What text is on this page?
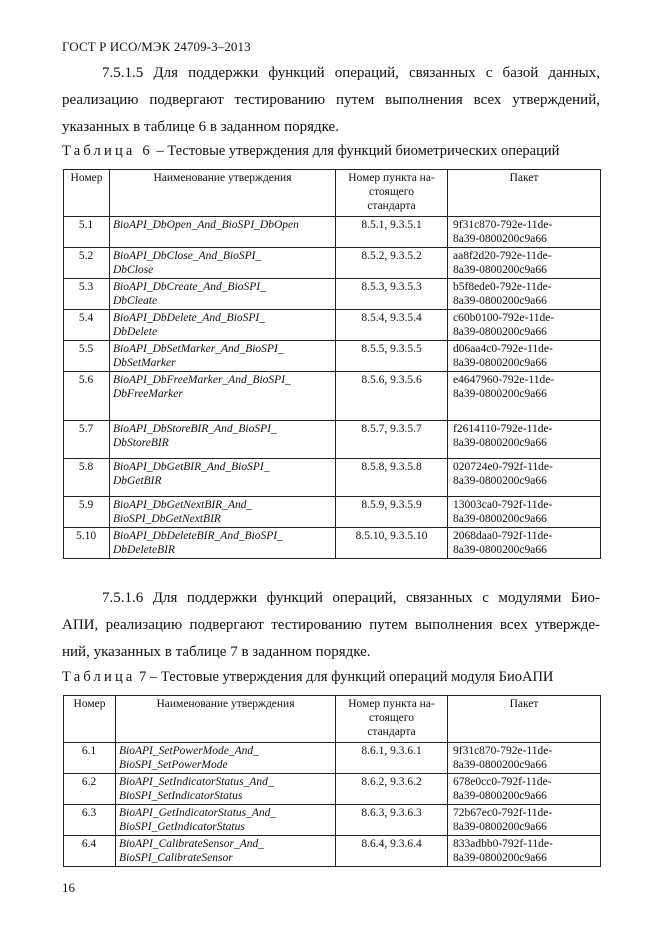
ГОСТ Р ИСО/МЭК 24709-3–2013
7.5.1.5 Для поддержки функций операций, связанных с базой данных,
реализацию подвергают тестированию путем выполнения всех утверждений,
указанных в таблице 6 в заданном порядке.
Таблица 6 – Тестовые утверждения для функций биометрических операций
Номер	Наименование утверждения	Номер пункта на-
стоящего
стандарта	Пакет
5.1	BioAPI_DbOpen_And_BioSPI_DbOpen	8.5.1, 9.3.5.1	9f31c870-792e-11de-
8a39-0800200c9a66

5.2	BioAPI_DbClose_And_BioSPI_
DbClose	8.5.2, 9.3.5.2	aa8f2d20-792e-11de-
8a39-0800200c9a66

5.3	BioAPI_DbCreate_And_BioSPI_
DbCleate	8.5.3, 9.3.5.3	b5f8ede0-792e-11de-
8a39-0800200c9a66

5.4	BioAPI_DbDelete_And_BioSPI_
DbDelete	8.5.4, 9.3.5.4	c60b0100-792e-11de-
8a39-0800200c9a66

5.5	BioAPI_DbSetMarker_And_BioSPI_
DbSetMarker	8.5.5, 9.3.5.5	d06aa4c0-792e-11de-
8a39-0800200c9a66

5.6	BioAPI_DbFreeMarker_And_BioSPI_
DbFreeMarker	8.5.6, 9.3.5.6	e4647960-792e-11de-
8a39-0800200c9a66

5.7	BioAPI_DbStoreBIR_And_BioSPI_
DbStoreBIR	8.5.7, 9.3.5.7	f2614110-792e-11de-
8a39-0800200c9a66

5.8	BioAPI_DbGetBIR_And_BioSPI_
DbGetBIR	8.5.8, 9.3.5.8	020724e0-792f-11de-
8a39-0800200c9a66

5.9	BioAPI_DbGetNextBIR_And_
BioSPI_DbGetNextBIR	8.5.9, 9.3.5.9	13003ca0-792f-11de-
8a39-0800200c9a66

5.10	BioAPI_DbDeleteBIR_And_BioSPI_
DbDeleteBIR	8.5.10, 9.3.5.10	2068daa0-792f-11de-
8a39-0800200c9a66
7.5.1.6 Для поддержки функций операций, связанных с модулями Био-
АПИ, реализацию подвергают тестированию путем выполнения всех утвержде-
ний, указанных в таблице 7 в заданном порядке.
Таблица 7 – Тестовые утверждения для функций операций модуля БиоАПИ
Номер	Наименование утверждения	Номер пункта на-
стоящего
стандарта	Пакет
6.1	BioAPI_SetPowerMode_And_
BioSPI_SetPowerMode	8.6.1, 9.3.6.1	9f31c870-792e-11de-
8a39-0800200c9a66

6.2	BioAPI_SetIndicatorStatus_And_
BioSPI_SetIndicatorStatus	8.6.2, 9.3.6.2	678e0cc0-792f-11de-
8a39-0800200c9a66

6.3	BioAPI_GetIndicatorStatus_And_
BioSPI_GetIndicatorStatus	8.6.3, 9.3.6.3	72b67ec0-792f-11de-
8a39-0800200c9a66

6.4	BioAPI_CalibrateSensor_And_
BioSPI_CalibrateSensor	8.6.4, 9.3.6.4	833adbb0-792f-11de-
8a39-0800200c9a66
16
